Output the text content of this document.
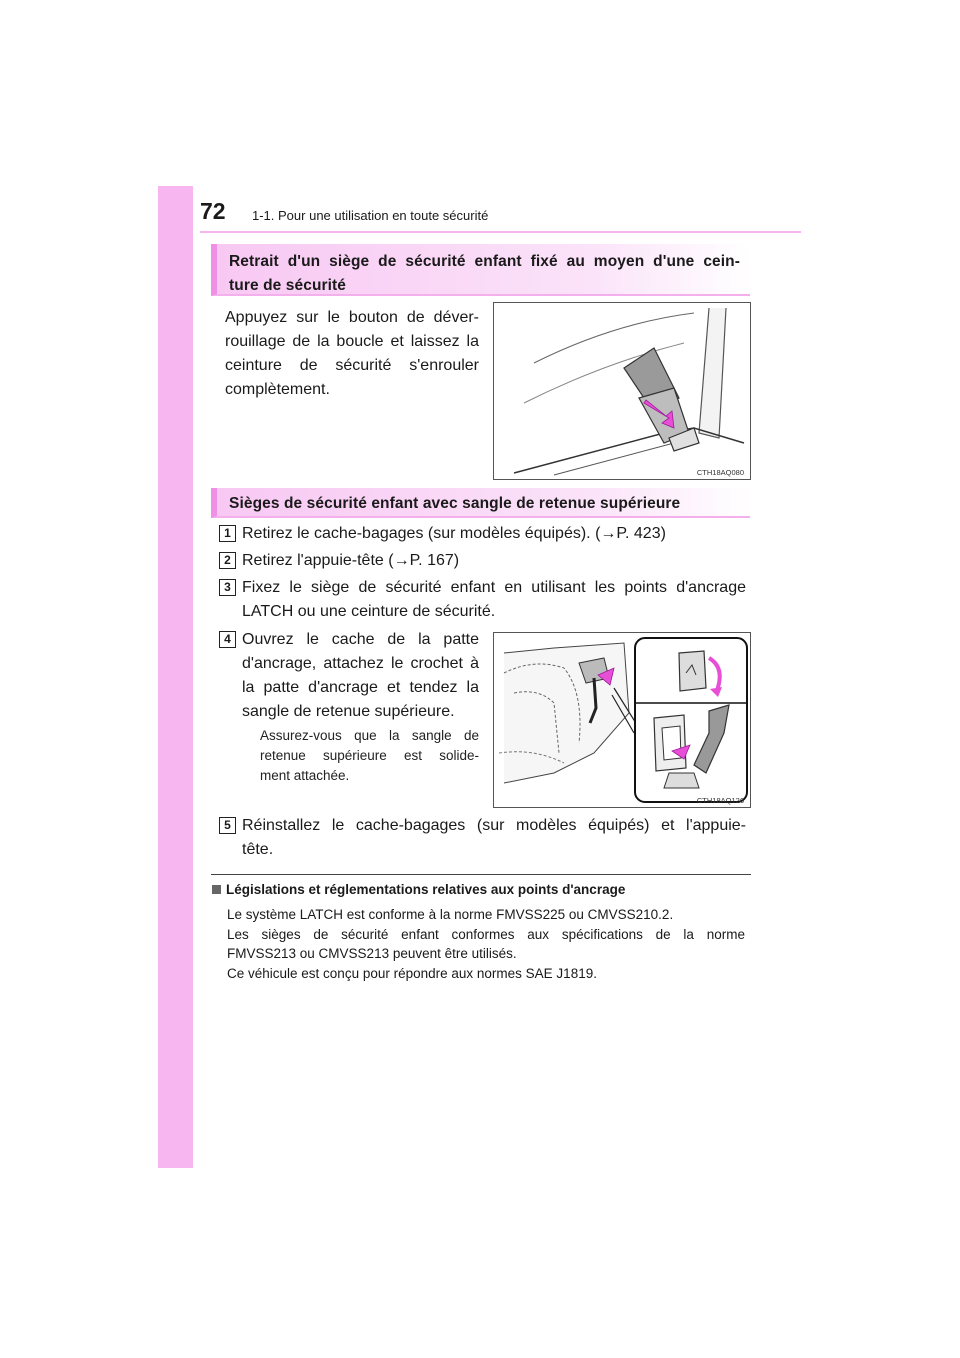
72 1-1. Pour une utilisation en toute sécurité
Retrait d'un siège de sécurité enfant fixé au moyen d'une cein-
ture de sécurité
Appuyez sur le bouton de déver-
rouillage de la boucle et laissez la
ceinture de sécurité s'enrouler
complètement.
CTH18AQ080
Sièges de sécurité enfant avec sangle de retenue supérieure
1 Retirez le cache-bagages (sur modèles équipés). (→P. 423)
2 Retirez l'appuie-tête (→P. 167)
3 Fixez le siège de sécurité enfant en utilisant les points d'ancrage
LATCH ou une ceinture de sécurité.
4 Ouvrez le cache de la patte
d'ancrage, attachez le crochet à
la patte d'ancrage et tendez la
sangle de retenue supérieure.
Assurez-vous que la sangle de
retenue supérieure est solide-
ment attachée.
CTH18AQ126
5 Réinstallez le cache-bagages (sur modèles équipés) et l'appuie-
tête.
Législations et réglementations relatives aux points d'ancrage

Le système LATCH est conforme à la norme FMVSS225 ou CMVSS210.2.

Les sièges de sécurité enfant conformes aux spécifications de la norme

FMVSS213 ou CMVSS213 peuvent être utilisés.

Ce véhicule est conçu pour répondre aux normes SAE J1819.
